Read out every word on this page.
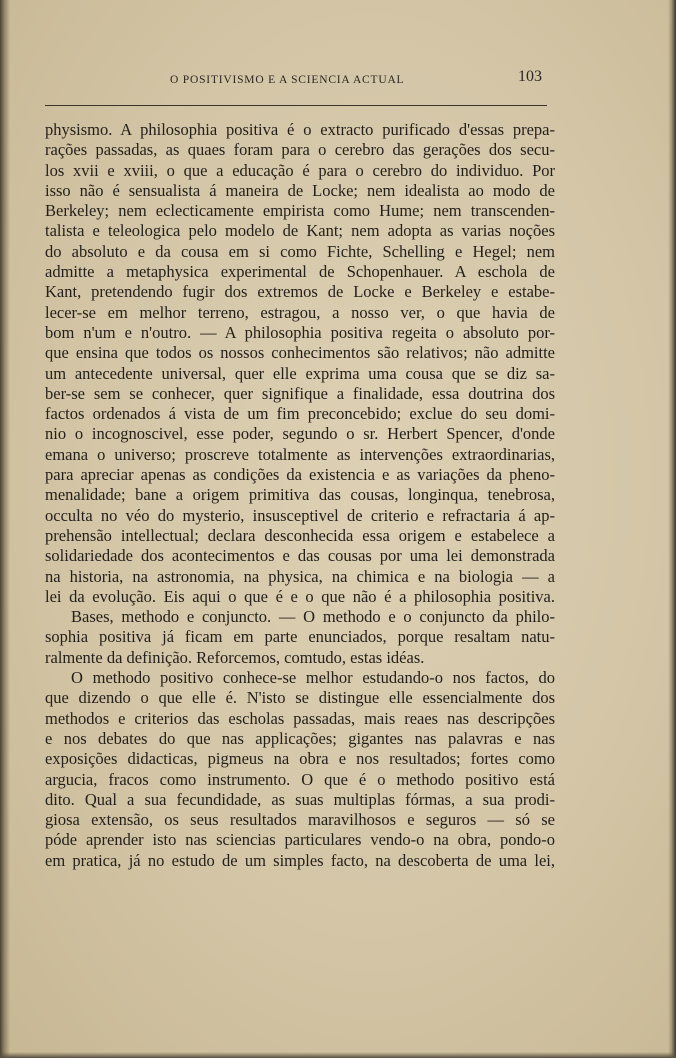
O POSITIVISMO E A SCIENCIA ACTUAL	103
physismo. A philosophia positiva é o extracto purificado d'essas prepa-
rações passadas, as quaes foram para o cerebro das gerações dos secu-
los xvii e xviii, o que a educação é para o cerebro do individuo. Por
isso não é sensualista á maneira de Locke; nem idealista ao modo de
Berkeley; nem eclecticamente empirista como Hume; nem transcenden-
talista e teleologica pelo modelo de Kant; nem adopta as varias noções
do absoluto e da cousa em si como Fichte, Schelling e Hegel; nem
admitte a metaphysica experimental de Schopenhauer. A eschola de
Kant, pretendendo fugir dos extremos de Locke e Berkeley e estabe-
lecer-se em melhor terreno, estragou, a nosso ver, o que havia de
bom n'um e n'outro. — A philosophia positiva regeita o absoluto por-
que ensina que todos os nossos conhecimentos são relativos; não admitte
um antecedente universal, quer elle exprima uma cousa que se diz sa-
ber-se sem se conhecer, quer signifique a finalidade, essa doutrina dos
factos ordenados á vista de um fim preconcebido; exclue do seu domi-
nio o incognoscivel, esse poder, segundo o sr. Herbert Spencer, d'onde
emana o universo; proscreve totalmente as intervenções extraordinarias,
para apreciar apenas as condições da existencia e as variações da pheno-
menalidade; bane a origem primitiva das cousas, longinqua, tenebrosa,
occulta no véo do mysterio, insusceptivel de criterio e refractaria á ap-
prehensão intellectual; declara desconhecida essa origem e estabelece a
solidariedade dos acontecimentos e das cousas por uma lei demonstrada
na historia, na astronomia, na physica, na chimica e na biologia — a
lei da evolução. Eis aqui o que é e o que não é a philosophia positiva.
Bases, methodo e conjuncto. — O methodo e o conjuncto da philo-
sophia positiva já ficam em parte enunciados, porque resaltam natu-
ralmente da definição. Reforcemos, comtudo, estas idéas.
O methodo positivo conhece-se melhor estudando-o nos factos, do
que dizendo o que elle é. N'isto se distingue elle essencialmente dos
methodos e criterios das escholas passadas, mais reaes nas descripções
e nos debates do que nas applicações; gigantes nas palavras e nas
exposições didacticas, pigmeus na obra e nos resultados; fortes como
argucia, fracos como instrumento. O que é o methodo positivo está
dito. Qual a sua fecundidade, as suas multiplas fórmas, a sua prodi-
giosa extensão, os seus resultados maravilhosos e seguros — só se
póde aprender isto nas sciencias particulares vendo-o na obra, pondo-o
em pratica, já no estudo de um simples facto, na descoberta de uma lei,
